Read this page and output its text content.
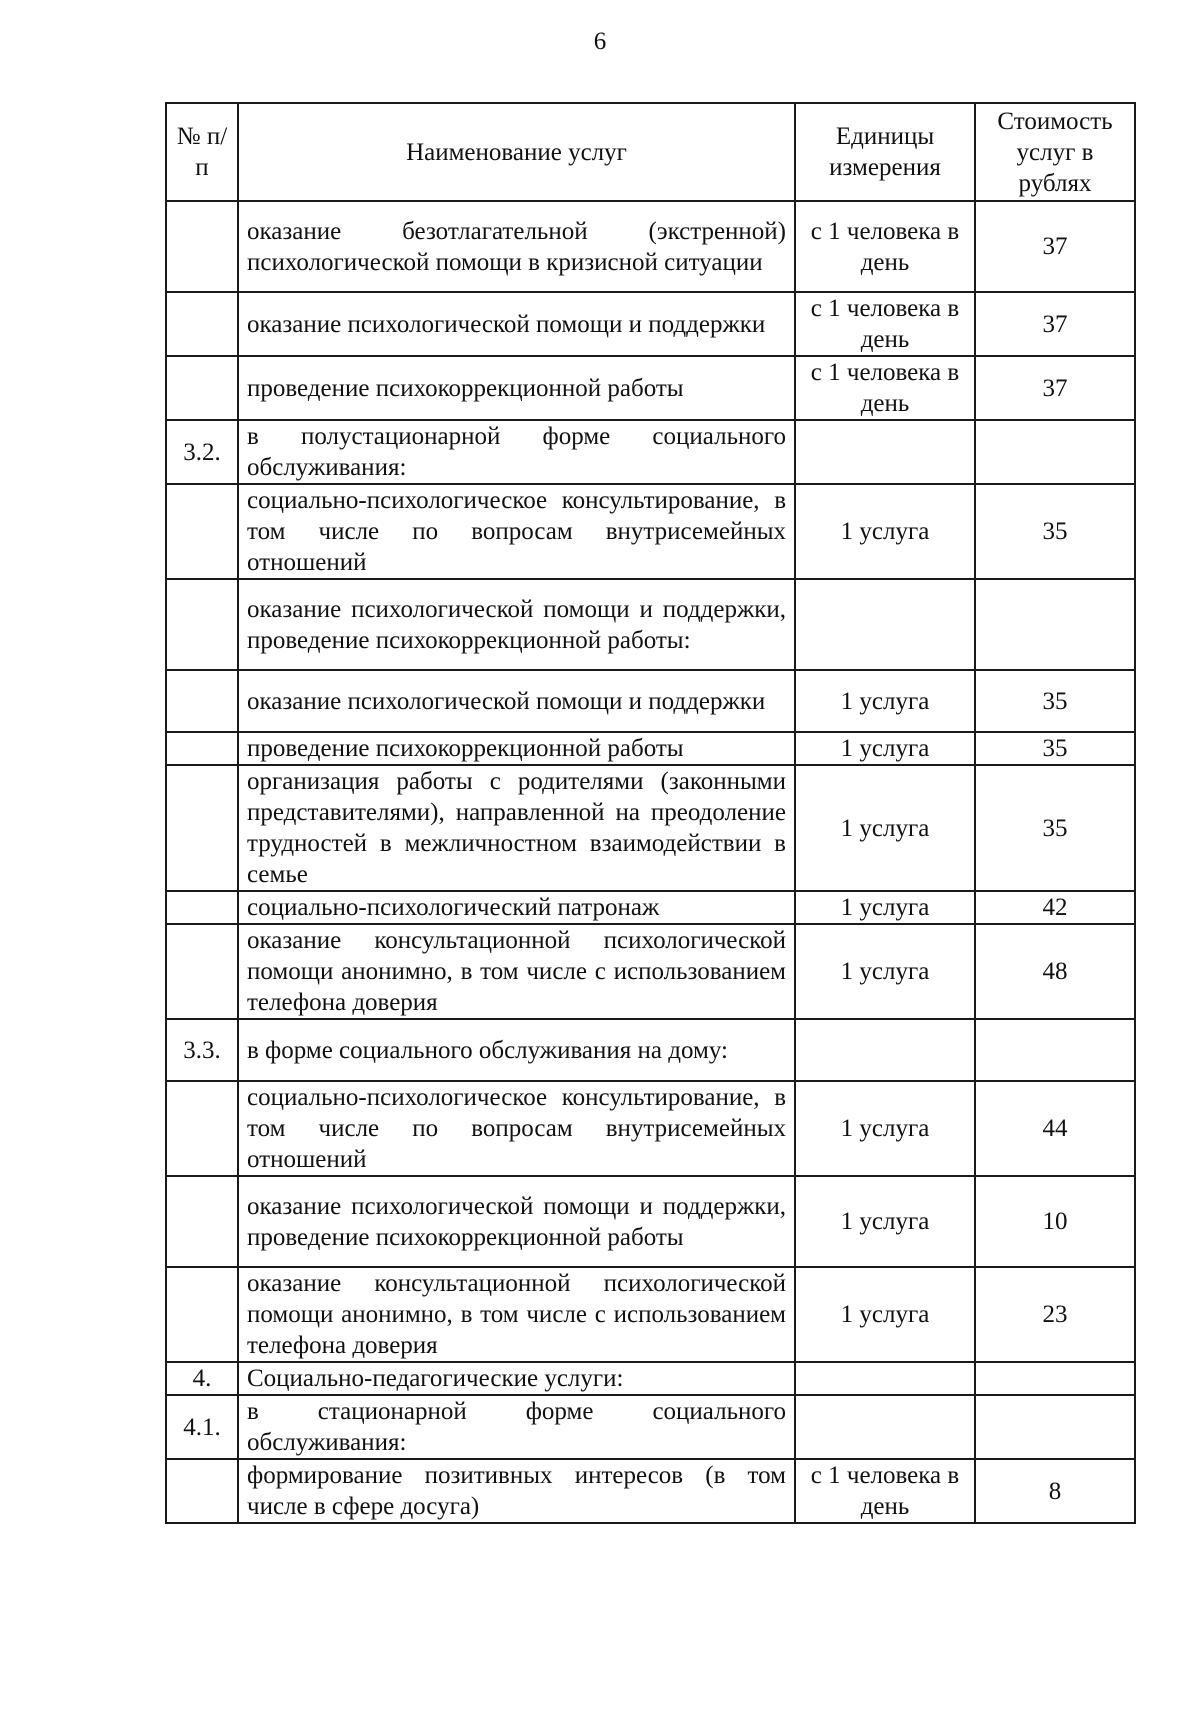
6
№ п/п	Наименование услуг	Единицы измерения	Стоимость услуг в рублях
	оказание безотлагательной (экстренной) психологической помощи в кризисной ситуации	с 1 человека в день	37
	оказание психологической помощи и поддержки	с 1 человека в день	37
	проведение психокоррекционной работы	с 1 человека в день	37
3.2.	в полустационарной форме социального обслуживания:		
	социально-психологическое консультирование, в том числе по вопросам внутрисемейных отношений	1 услуга	35
	оказание психологической помощи и поддержки, проведение психокоррекционной работы:		
	оказание психологической помощи и поддержки	1 услуга	35
	проведение психокоррекционной работы	1 услуга	35
	организация работы с родителями (законными представителями), направленной на преодоление трудностей в межличностном взаимодействии в семье	1 услуга	35
	социально-психологический патронаж	1 услуга	42
	оказание консультационной психологической помощи анонимно, в том числе с использованием телефона доверия	1 услуга	48
3.3.	в форме социального обслуживания на дому:		
	социально-психологическое консультирование, в том числе по вопросам внутрисемейных отношений	1 услуга	44
	оказание психологической помощи и поддержки, проведение психокоррекционной работы	1 услуга	10
	оказание консультационной психологической помощи анонимно, в том числе с использованием телефона доверия	1 услуга	23
4.	Социально-педагогические услуги:		
4.1.	в стационарной форме социального обслуживания:		
	формирование позитивных интересов (в том числе в сфере досуга)	с 1 человека в день	8
